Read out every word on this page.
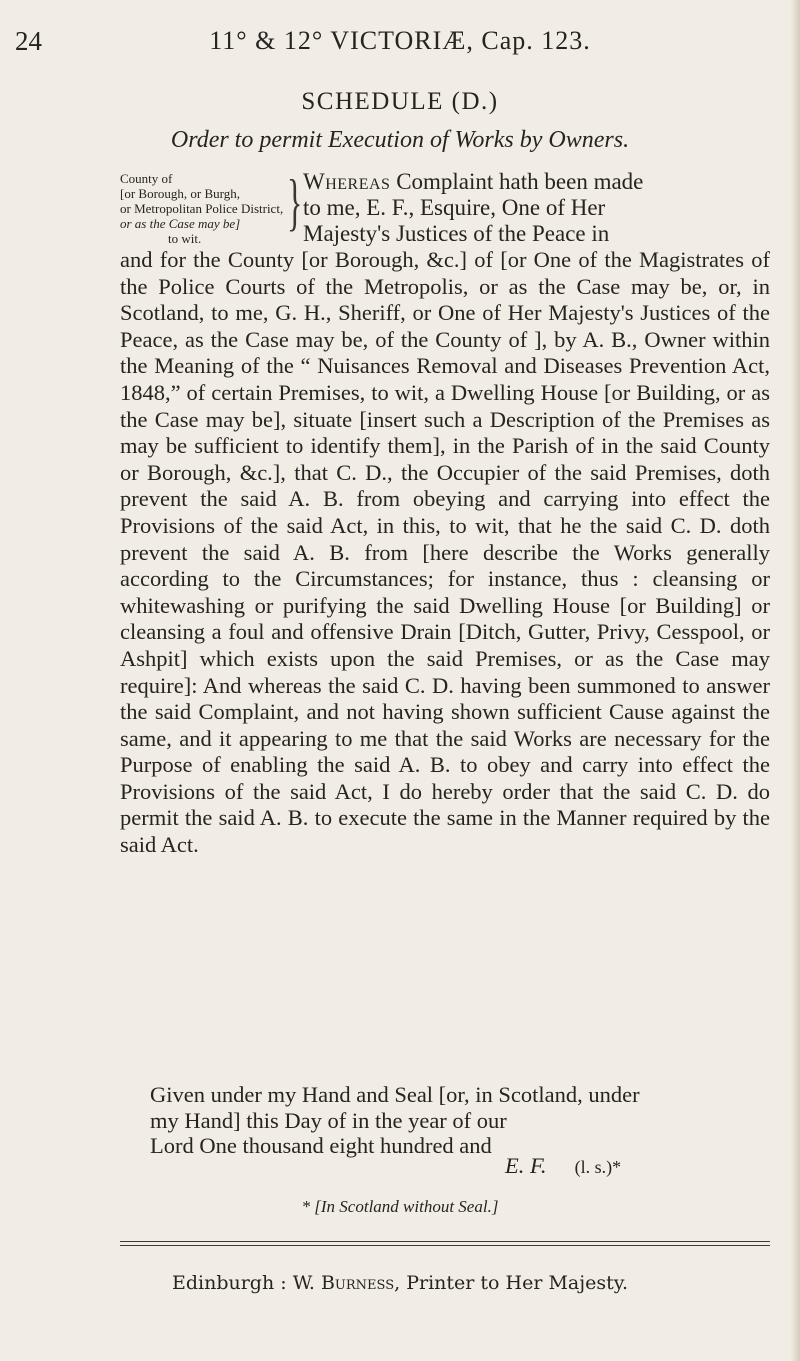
24	11° & 12° VICTORIÆ, Cap. 123.
SCHEDULE (D.)
Order to permit Execution of Works by Owners.
County of
[or Borough, or Burgh,
or Metropolitan Police District,
or as the Case may be]
to wit.
} Whereas Complaint hath been made
to me, E. F., Esquire, One of Her
Majesty's Justices of the Peace in
and for the County [or Borough, &c.] of [or One of the Magistrates of the Police Courts of the Metropolis, or as the Case may be, or, in Scotland, to me, G. H., Sheriff, or One of Her Majesty's Justices of the Peace, as the Case may be, of the County of ], by A. B., Owner within the Meaning of the “ Nuisances Removal and Diseases Prevention Act, 1848,” of certain Premises, to wit, a Dwelling House [or Building, or as the Case may be], situate [insert such a Description of the Premises as may be sufficient to identify them], in the Parish of in the said County or Borough, &c.], that C. D., the Occupier of the said Premises, doth prevent the said A. B. from obeying and carrying into effect the Provisions of the said Act, in this, to wit, that he the said C. D. doth prevent the said A. B. from [here describe the Works generally according to the Circumstances; for instance, thus : cleansing or whitewashing or purifying the said Dwelling House [or Building] or cleansing a foul and offensive Drain [Ditch, Gutter, Privy, Cesspool, or Ashpit] which exists upon the said Premises, or as the Case may require]: And whereas the said C. D. having been summoned to answer the said Complaint, and not having shown sufficient Cause against the same, and it appearing to me that the said Works are necessary for the Purpose of enabling the said A. B. to obey and carry into effect the Provisions of the said Act, I do hereby order that the said C. D. do permit the said A. B. to execute the same in the Manner required by the said Act.
Given under my Hand and Seal [or, in Scotland, under
my Hand] this Day of in the year of our
Lord One thousand eight hundred and
E. F. (l. s.)*
* [In Scotland without Seal.]
Edinburgh : W. Burness, Printer to Her Majesty.
